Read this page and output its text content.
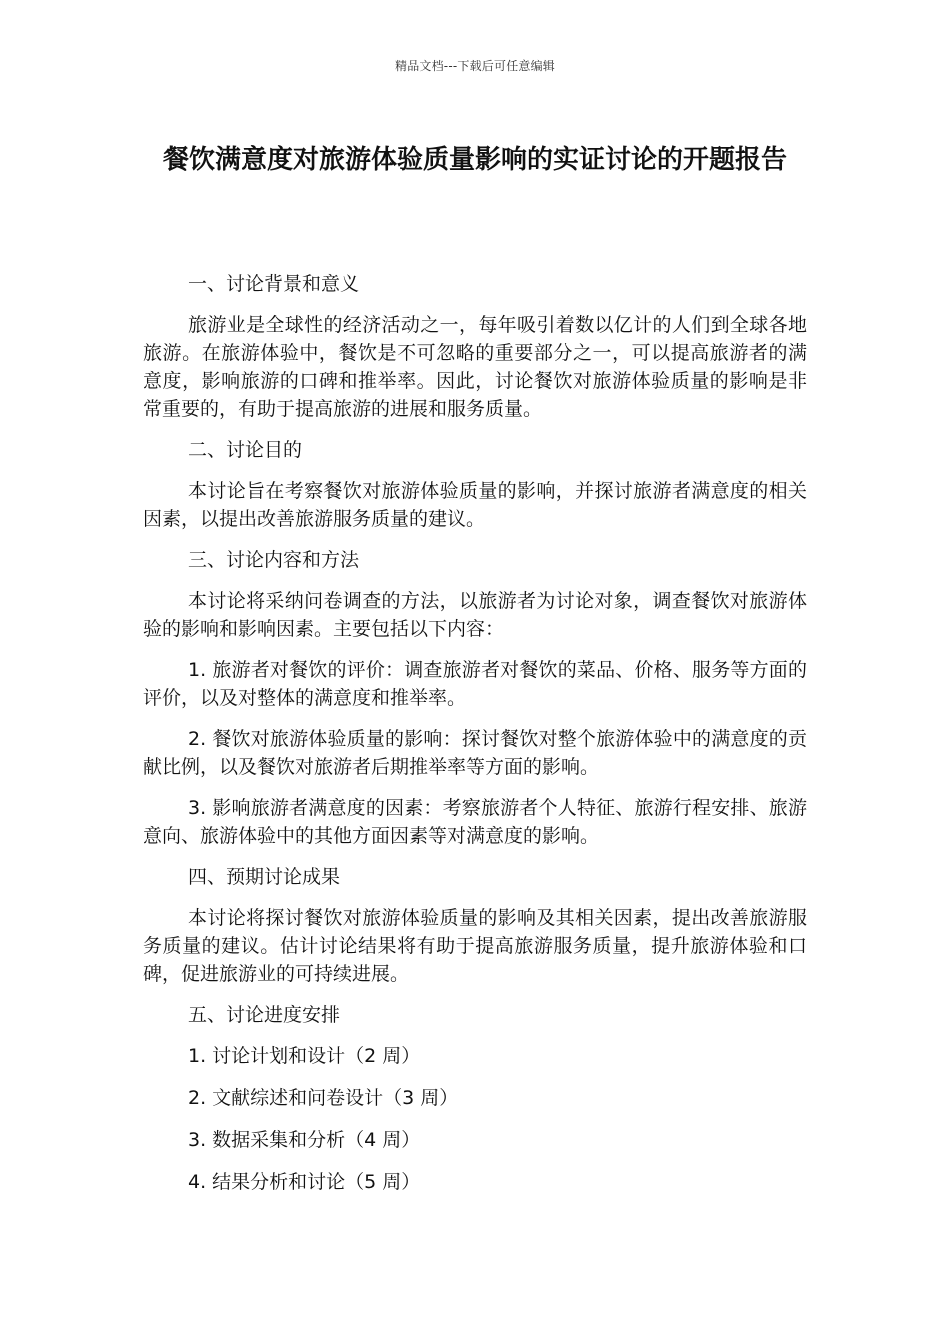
精品文档---下载后可任意编辑
餐饮满意度对旅游体验质量影响的实证讨论的开题报告

一、讨论背景和意义

旅游业是全球性的经济活动之一，每年吸引着数以亿计的人们到全球各地旅游。在旅游体验中，餐饮是不可忽略的重要部分之一，可以提高旅游者的满意度，影响旅游的口碑和推举率。因此，讨论餐饮对旅游体验质量的影响是非常重要的，有助于提高旅游的进展和服务质量。

二、讨论目的

本讨论旨在考察餐饮对旅游体验质量的影响，并探讨旅游者满意度的相关因素，以提出改善旅游服务质量的建议。

三、讨论内容和方法

本讨论将采纳问卷调查的方法，以旅游者为讨论对象，调查餐饮对旅游体验的影响和影响因素。主要包括以下内容：

1. 旅游者对餐饮的评价：调查旅游者对餐饮的菜品、价格、服务等方面的评价，以及对整体的满意度和推举率。

2. 餐饮对旅游体验质量的影响：探讨餐饮对整个旅游体验中的满意度的贡献比例，以及餐饮对旅游者后期推举率等方面的影响。

3. 影响旅游者满意度的因素：考察旅游者个人特征、旅游行程安排、旅游意向、旅游体验中的其他方面因素等对满意度的影响。

四、预期讨论成果

本讨论将探讨餐饮对旅游体验质量的影响及其相关因素，提出改善旅游服务质量的建议。估计讨论结果将有助于提高旅游服务质量，提升旅游体验和口碑，促进旅游业的可持续进展。

五、讨论进度安排

1. 讨论计划和设计（2 周）

2. 文献综述和问卷设计（3 周）

3. 数据采集和分析（4 周）

4. 结果分析和讨论（5 周）
